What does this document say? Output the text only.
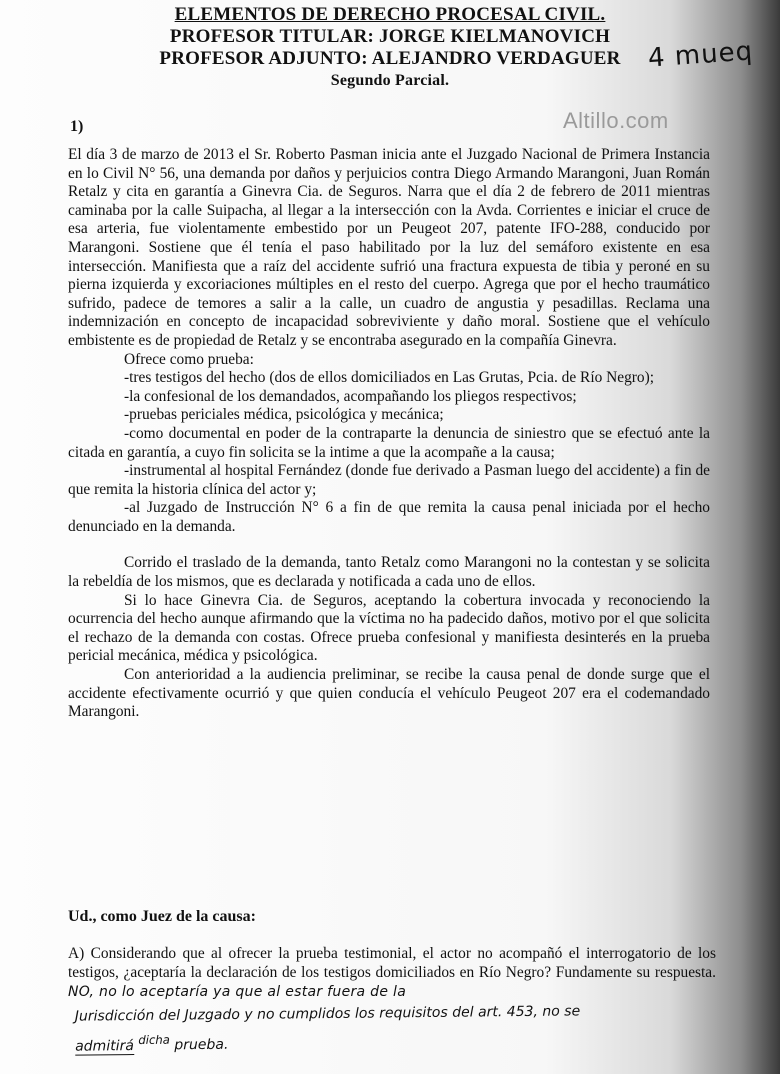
ELEMENTOS DE DERECHO PROCESAL CIVIL.
PROFESOR TITULAR: JORGE KIELMANOVICH
PROFESOR ADJUNTO: ALEJANDRO VERDAGUER
Segundo Parcial.
4 mueq
Altillo.com
1)

El día 3 de marzo de 2013 el Sr. Roberto Pasman inicia ante el Juzgado Nacional de Primera Instancia en lo Civil N° 56, una demanda por daños y perjuicios contra Diego Armando Marangoni, Juan Román Retalz y cita en garantía a Ginevra Cia. de Seguros. Narra que el día 2 de febrero de 2011 mientras caminaba por la calle Suipacha, al llegar a la intersección con la Avda. Corrientes e iniciar el cruce de esa arteria, fue violentamente embestido por un Peugeot 207, patente IFO-288, conducido por Marangoni. Sostiene que él tenía el paso habilitado por la luz del semáforo existente en esa intersección. Manifiesta que a raíz del accidente sufrió una fractura expuesta de tibia y peroné en su pierna izquierda y excoriaciones múltiples en el resto del cuerpo. Agrega que por el hecho traumático sufrido, padece de temores a salir a la calle, un cuadro de angustia y pesadillas. Reclama una indemnización en concepto de incapacidad sobreviviente y daño moral. Sostiene que el vehículo embistente es de propiedad de Retalz y se encontraba asegurado en la compañía Ginevra.

Ofrece como prueba:

-tres testigos del hecho (dos de ellos domiciliados en Las Grutas, Pcia. de Río Negro);

-la confesional de los demandados, acompañando los pliegos respectivos;

-pruebas periciales médica, psicológica y mecánica;

-como documental en poder de la contraparte la denuncia de siniestro que se efectuó ante la citada en garantía, a cuyo fin solicita se la intime a que la acompañe a la causa;

-instrumental al hospital Fernández (donde fue derivado a Pasman luego del accidente) a fin de que remita la historia clínica del actor y;

-al Juzgado de Instrucción N° 6 a fin de que remita la causa penal iniciada por el hecho denunciado en la demanda.

Corrido el traslado de la demanda, tanto Retalz como Marangoni no la contestan y se solicita la rebeldía de los mismos, que es declarada y notificada a cada uno de ellos.

Si lo hace Ginevra Cia. de Seguros, aceptando la cobertura invocada y reconociendo la ocurrencia del hecho aunque afirmando que la víctima no ha padecido daños, motivo por el que solicita el rechazo de la demanda con costas. Ofrece prueba confesional y manifiesta desinterés en la prueba pericial mecánica, médica y psicológica.

Con anterioridad a la audiencia preliminar, se recibe la causa penal de donde surge que el accidente efectivamente ocurrió y que quien conducía el vehículo Peugeot 207 era el codemandado Marangoni.

Ud., como Juez de la causa:
A) Considerando que al ofrecer la prueba testimonial, el actor no acompañó el interrogatorio de los testigos, ¿aceptaría la declaración de los testigos domiciliados en Río Negro? Fundamente su respuesta. NO, no lo aceptaría ya que al estar fuera de la
Jurisdicción del Juzgado y no cumplidos los requisitos del art. 453, no se
admitirá $^{dicha}$ prueba.
